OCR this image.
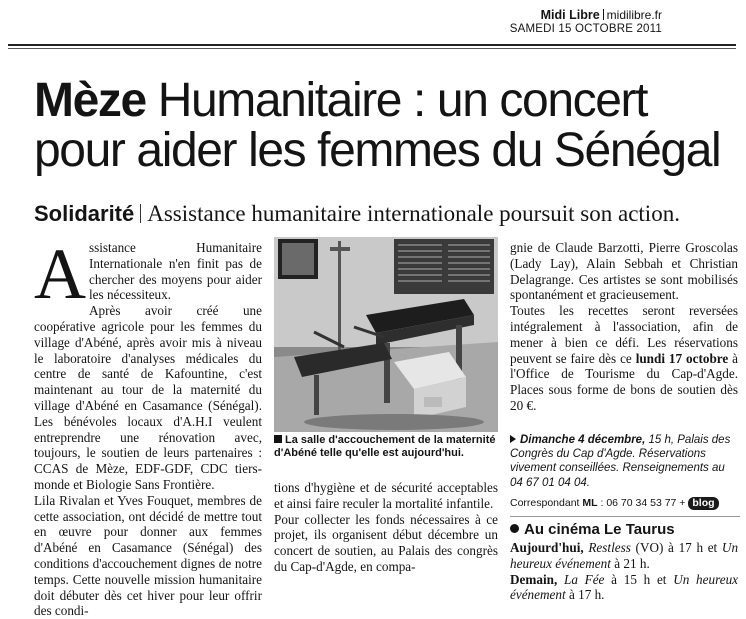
Midi Libre midilibre.fr
SAMEDI 15 OCTOBRE 2011
Mèze Humanitaire : un concert
pour aider les femmes du Sénégal
Solidarité Assistance humanitaire internationale poursuit son action.
A ssistance Humanitaire Internationale n'en finit pas de chercher des moyens pour aider les nécessiteux.

Après avoir créé une coopérative agricole pour les femmes du village d'Abéné, après avoir mis à niveau le laboratoire d'analyses médicales du centre de santé de Kafountine, c'est maintenant au tour de la maternité du village d'Abéné en Casamance (Sénégal). Les bénévoles locaux d'A.H.I veulent entreprendre une rénovation avec, toujours, le soutien de leurs partenaires : CCAS de Mèze, EDF-GDF, CDC tiers-monde et Biologie Sans Frontière.

Lila Rivalan et Yves Fouquet, membres de cette association, ont décidé de mettre tout en œuvre pour donner aux femmes d'Abéné en Casamance (Sénégal) des conditions d'accouchement dignes de notre temps. Cette nouvelle mission humanitaire doit débuter dès cet hiver pour leur offrir des condi-

La salle d'accouchement de la maternité d'Abéné telle qu'elle est aujourd'hui.

tions d'hygiène et de sécurité acceptables et ainsi faire reculer la mortalité infantile.

Pour collecter les fonds nécessaires à ce projet, ils organisent début décembre un concert de soutien, au Palais des congrès du Cap-d'Agde, en compa-

gnie de Claude Barzotti, Pierre Groscolas (Lady Lay), Alain Sebbah et Christian Delagrange. Ces artistes se sont mobilisés spontanément et gracieusement.

Toutes les recettes seront reversées intégralement à l'association, afin de mener à bien ce défi. Les réservations peuvent se faire dès ce lundi 17 octobre à l'Office de Tourisme du Cap-d'Agde. Places sous forme de bons de soutien dès 20 €.

Dimanche 4 décembre, 15 h, Palais des Congrès du Cap d'Agde. Réservations vivement conseillées. Renseignements au 04 67 01 04 04.
Correspondant ML : 06 70 34 53 77 + blog
Au cinéma Le Taurus
Aujourd'hui, Restless (VO) à 17 h et Un heureux événement à 21 h.
Demain, La Fée à 15 h et Un heureux événement à 17 h.
